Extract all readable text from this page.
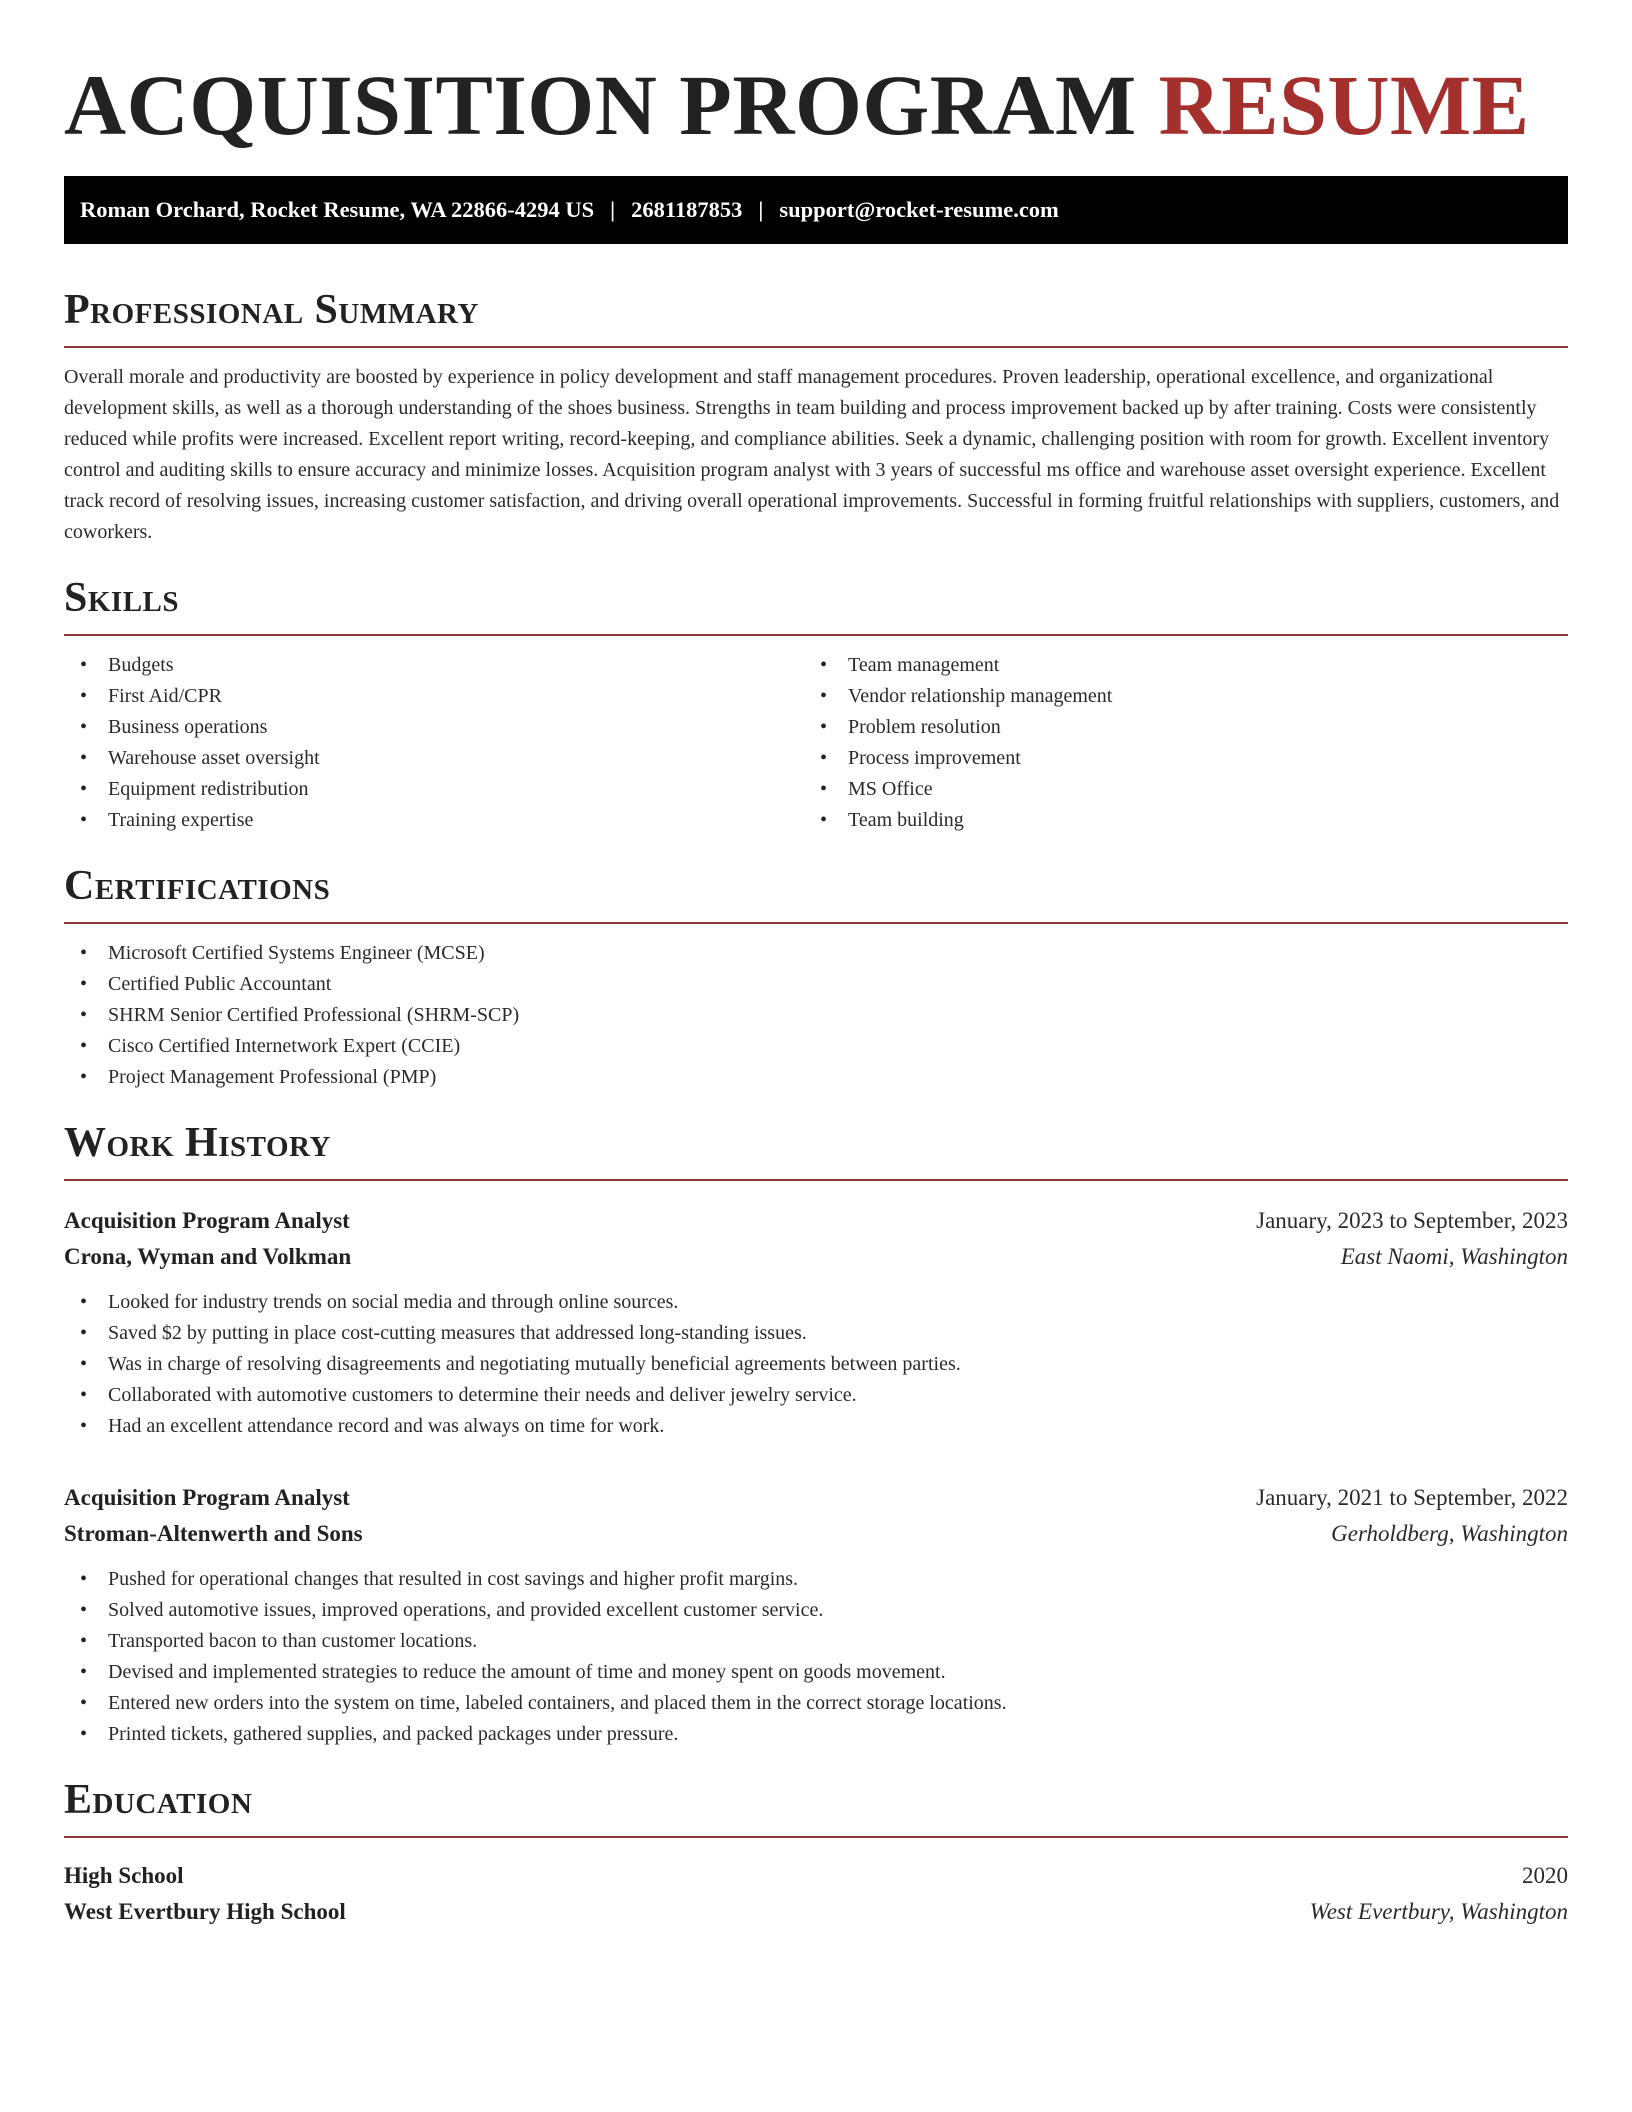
ACQUISITION PROGRAM RESUME
Roman Orchard, Rocket Resume, WA 22866-4294 US | 2681187853 | support@rocket-resume.com
Professional Summary

Overall morale and productivity are boosted by experience in policy development and staff management procedures. Proven leadership, operational excellence, and organizational development skills, as well as a thorough understanding of the shoes business. Strengths in team building and process improvement backed up by after training. Costs were consistently reduced while profits were increased. Excellent report writing, record-keeping, and compliance abilities. Seek a dynamic, challenging position with room for growth. Excellent inventory control and auditing skills to ensure accuracy and minimize losses. Acquisition program analyst with 3 years of successful ms office and warehouse asset oversight experience. Excellent track record of resolving issues, increasing customer satisfaction, and driving overall operational improvements. Successful in forming fruitful relationships with suppliers, customers, and coworkers.

Skills
• Budgets
• First Aid/CPR
• Business operations
• Warehouse asset oversight
• Equipment redistribution
• Training expertise
• Team management
• Vendor relationship management
• Problem resolution
• Process improvement
• MS Office
• Team building
Certifications
• Microsoft Certified Systems Engineer (MCSE)
• Certified Public Accountant
• SHRM Senior Certified Professional (SHRM-SCP)
• Cisco Certified Internetwork Expert (CCIE)
• Project Management Professional (PMP)
Work History
Acquisition Program Analyst	January, 2023 to September, 2023
Crona, Wyman and Volkman	East Naomi, Washington
• Looked for industry trends on social media and through online sources.
• Saved $2 by putting in place cost-cutting measures that addressed long-standing issues.
• Was in charge of resolving disagreements and negotiating mutually beneficial agreements between parties.
• Collaborated with automotive customers to determine their needs and deliver jewelry service.
• Had an excellent attendance record and was always on time for work.
Acquisition Program Analyst	January, 2021 to September, 2022
Stroman-Altenwerth and Sons	Gerholdberg, Washington
• Pushed for operational changes that resulted in cost savings and higher profit margins.
• Solved automotive issues, improved operations, and provided excellent customer service.
• Transported bacon to than customer locations.
• Devised and implemented strategies to reduce the amount of time and money spent on goods movement.
• Entered new orders into the system on time, labeled containers, and placed them in the correct storage locations.
• Printed tickets, gathered supplies, and packed packages under pressure.
Education
High School	2020
West Evertbury High School	West Evertbury, Washington
